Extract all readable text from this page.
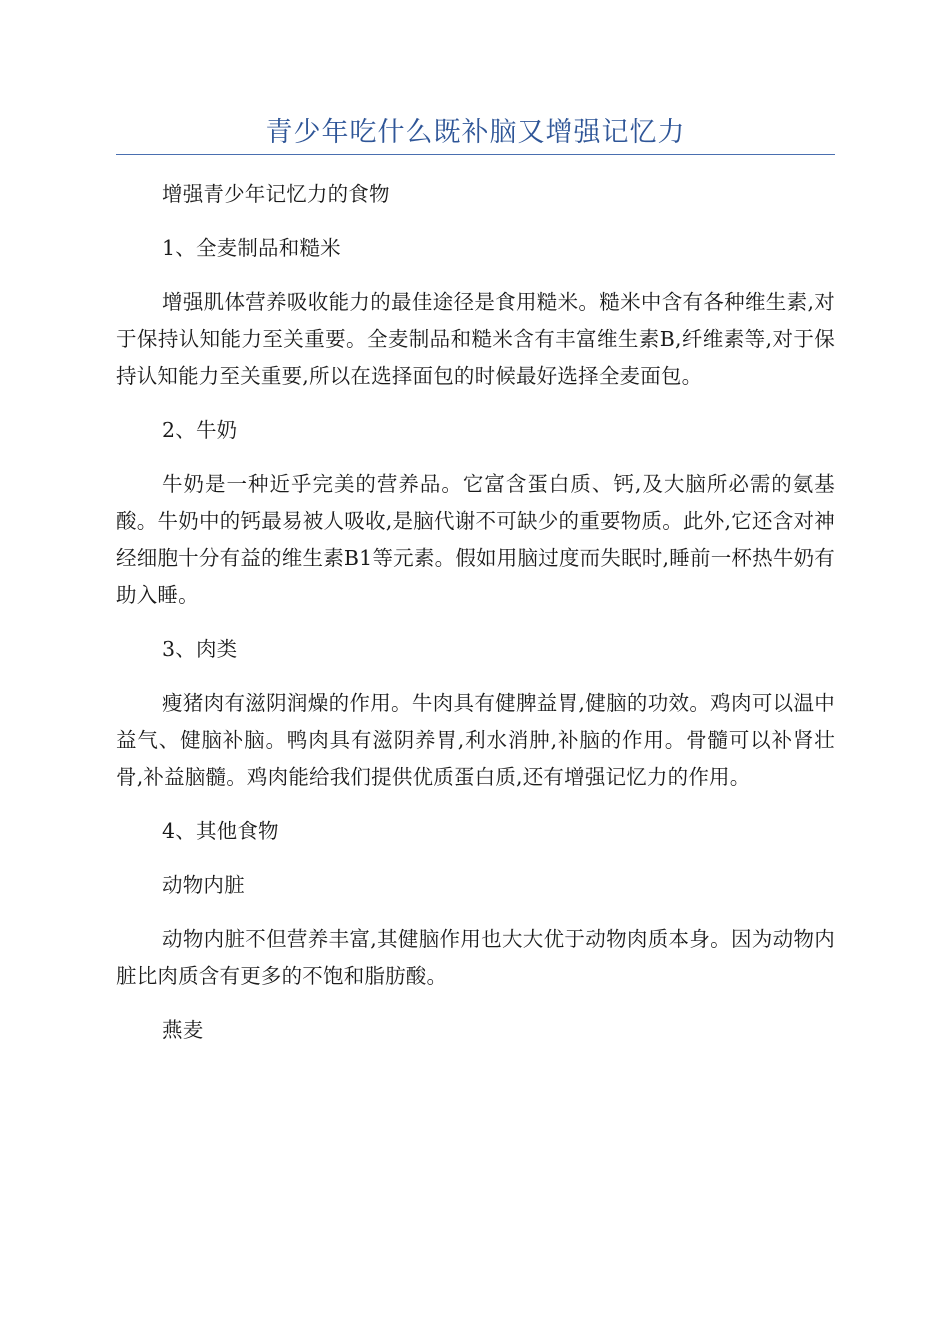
青少年吃什么既补脑又增强记忆力

增强青少年记忆力的食物

1、全麦制品和糙米

增强肌体营养吸收能力的最佳途径是食用糙米。糙米中含有各种维生素,对于保持认知能力至关重要。全麦制品和糙米含有丰富维生素B,纤维素等,对于保持认知能力至关重要,所以在选择面包的时候最好选择全麦面包。

2、牛奶

牛奶是一种近乎完美的营养品。它富含蛋白质、钙,及大脑所必需的氨基酸。牛奶中的钙最易被人吸收,是脑代谢不可缺少的重要物质。此外,它还含对神经细胞十分有益的维生素B1等元素。假如用脑过度而失眠时,睡前一杯热牛奶有助入睡。

3、肉类

瘦猪肉有滋阴润燥的作用。牛肉具有健脾益胃,健脑的功效。鸡肉可以温中益气、健脑补脑。鸭肉具有滋阴养胃,利水消肿,补脑的作用。骨髓可以补肾壮骨,补益脑髓。鸡肉能给我们提供优质蛋白质,还有增强记忆力的作用。

4、其他食物

动物内脏

动物内脏不但营养丰富,其健脑作用也大大优于动物肉质本身。因为动物内脏比肉质含有更多的不饱和脂肪酸。

燕麦
